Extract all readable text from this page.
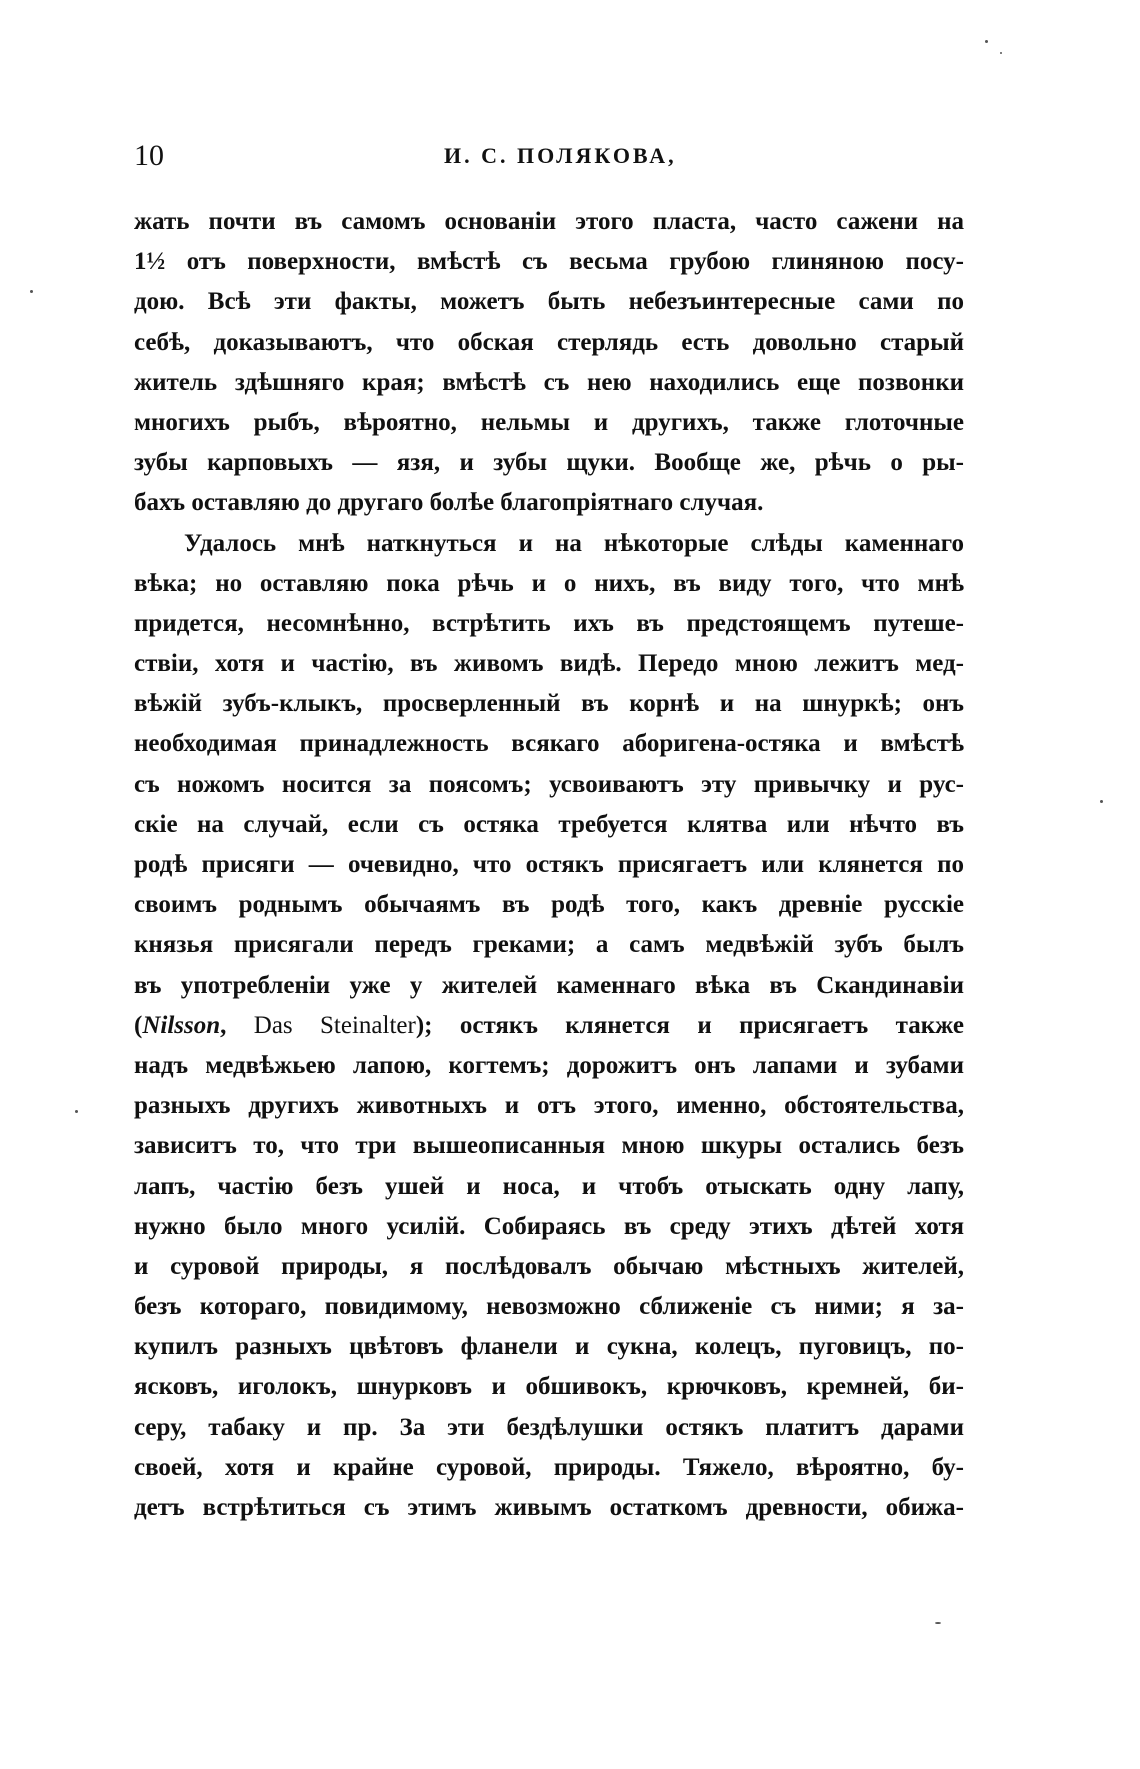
10	И. С. ПОЛЯКОВА,
жать почти въ самомъ основанiи этого пласта, часто сажени на
1½ отъ поверхности, вмѣстѣ съ весьма грубою глиняною посу-
дою. Всѣ эти факты, можетъ быть небезъинтересные сами по
себѣ, доказываютъ, что обская стерлядь есть довольно старый
житель здѣшняго края; вмѣстѣ съ нею находились еще позвонки
многихъ рыбъ, вѣроятно, нельмы и другихъ, также глоточные
зубы карповыхъ — язя, и зубы щуки. Вообще же, рѣчь о ры-
бахъ оставляю до другаго болѣе благопрiятнаго случая.
Удалось мнѣ наткнуться и на нѣкоторые слѣды каменнаго
вѣка; но оставляю пока рѣчь и о нихъ, въ виду того, что мнѣ
придется, несомнѣнно, встрѣтить ихъ въ предстоящемъ путеше-
ствiи, хотя и частiю, въ живомъ видѣ. Передо мною лежитъ мед-
вѣжiй зубъ-клыкъ, просверленный въ корнѣ и на шнуркѣ; онъ
необходимая принадлежность всякаго аборигена-остяка и вмѣстѣ
съ ножомъ носится за поясомъ; усвоиваютъ эту привычку и рус-
скiе на случай, если съ остяка требуется клятва или нѣчто въ
родѣ присяги — очевидно, что остякъ присягаетъ или клянется по
своимъ роднымъ обычаямъ въ родѣ того, какъ древнiе русскiе
князья присягали передъ греками; а самъ медвѣжiй зубъ былъ
въ употребленiи уже у жителей каменнаго вѣка въ Скандинавiи
(Nilsson, Das Steinalter); остякъ клянется и присягаетъ также
надъ медвѣжьею лапою, когтемъ; дорожитъ онъ лапами и зубами
разныхъ другихъ животныхъ и отъ этого, именно, обстоятельства,
зависитъ то, что три вышеописанныя мною шкуры остались безъ
лапъ, частiю безъ ушей и носа, и чтобъ отыскать одну лапу,
нужно было много усилiй. Собираясь въ среду этихъ дѣтей хотя
и суровой природы, я послѣдовалъ обычаю мѣстныхъ жителей,
безъ котораго, повидимому, невозможно сближенiе съ ними; я за-
купилъ разныхъ цвѣтовъ фланели и сукна, колецъ, пуговицъ, по-
ясковъ, иголокъ, шнурковъ и обшивокъ, крючковъ, кремней, би-
серу, табаку и пр. За эти бездѣлушки остякъ платитъ дарами
своей, хотя и крайне суровой, природы. Тяжело, вѣроятно, бу-
детъ встрѣтиться съ этимъ живымъ остаткомъ древности, обижа-
